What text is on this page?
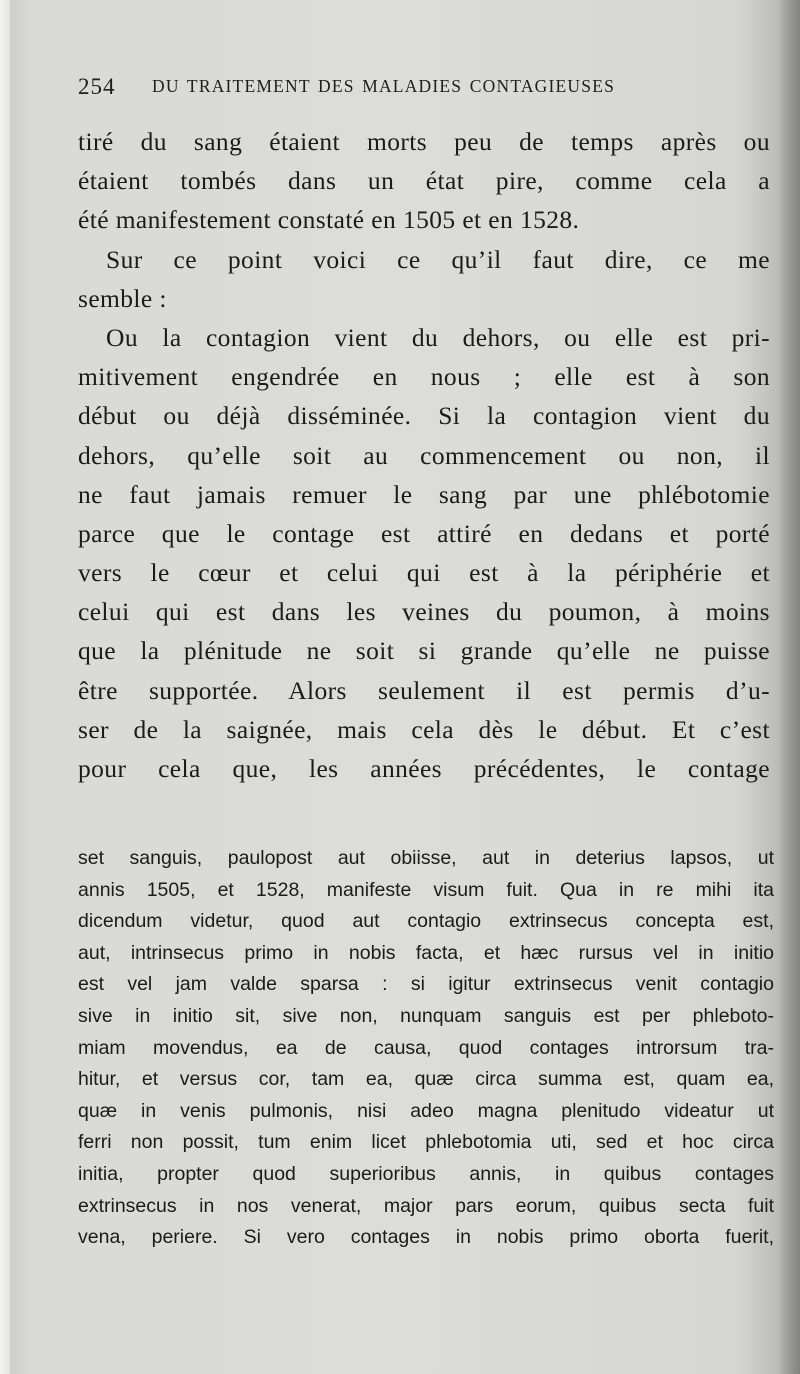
254 DU TRAITEMENT DES MALADIES CONTAGIEUSES
tiré du sang étaient morts peu de temps après ou
étaient tombés dans un état pire, comme cela a
été manifestement constaté en 1505 et en 1528.
Sur ce point voici ce qu’il faut dire, ce me
semble :
Ou la contagion vient du dehors, ou elle est pri-
mitivement engendrée en nous ; elle est à son
début ou déjà disséminée. Si la contagion vient du
dehors, qu’elle soit au commencement ou non, il
ne faut jamais remuer le sang par une phlébotomie
parce que le contage est attiré en dedans et porté
vers le cœur et celui qui est à la périphérie et
celui qui est dans les veines du poumon, à moins
que la plénitude ne soit si grande qu’elle ne puisse
être supportée. Alors seulement il est permis d’u-
ser de la saignée, mais cela dès le début. Et c’est
pour cela que, les années précédentes, le contage
set sanguis, paulopost aut obiisse, aut in deterius lapsos, ut
annis 1505, et 1528, manifeste visum fuit. Qua in re mihi ita
dicendum videtur, quod aut contagio extrinsecus concepta est,
aut, intrinsecus primo in nobis facta, et hæc rursus vel in initio
est vel jam valde sparsa : si igitur extrinsecus venit contagio
sive in initio sit, sive non, nunquam sanguis est per phleboto-
miam movendus, ea de causa, quod contages introrsum tra-
hitur, et versus cor, tam ea, quæ circa summa est, quam ea,
quæ in venis pulmonis, nisi adeo magna plenitudo videatur ut
ferri non possit, tum enim licet phlebotomia uti, sed et hoc circa
initia, propter quod superioribus annis, in quibus contages
extrinsecus in nos venerat, major pars eorum, quibus secta fuit
vena, periere. Si vero contages in nobis primo oborta fuerit,
